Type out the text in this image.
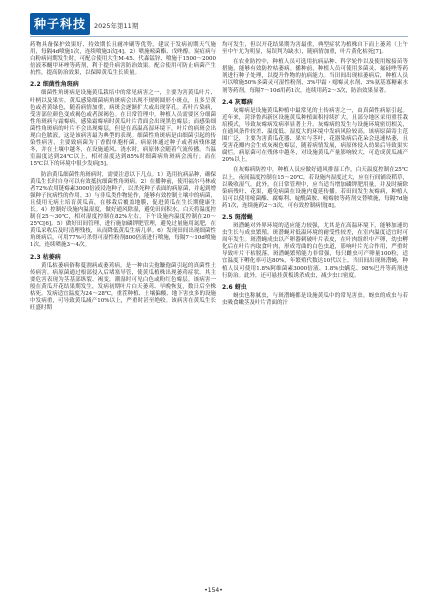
种子科技	2025年第11期

药物具备保护效果好、持效期长且耐冲刷等优势，建议于发病初期天气施用，每隔4d喷施1次，连续喷施3次[4]。2）喷施嘧菌酯、戊唑醇。炭疽病与白粉病同期发生时，可配合使用大生M-45、代森锰锌、喷施于1500～2000倍液苯醚甲环唑等药剂，利于提升病害防治效果。配合使用可防止病菌产生抗性，提高防治效果，以保障黄瓜生长质量。

2.2 细菌性角斑病

细菌性角斑病是设施黄瓜栽培中的常见病害之一，主要为害黄瓜叶片、叶柄以及果实。黄瓜感染细菌病角斑病会出现不规则圆形小斑点，且多呈黄色或者黄绿色，随着病情加重，病斑会逐渐扩大或出现穿孔。若叶片染病，受害部位颜色变成褐色或者深褐色。在日常管理中，种植人员需要区分细菌性角斑病与霜霉病，感染霜霉病时黄瓜叶片背面会出现黑色霉层；而感染细菌性角斑病的叶片不会出现霉层，但是在高温高湿环境下，叶片的病斑会出现白色脓液，这是该病害最为典型的表现。细菌性角斑病是由细菌引起的传染性病害，主要致病菌为丁香假单胞杆菌。病原体通过种子或者病残体越冬，并在土壤中越冬，在设施通风、浇水时，病原体会随着气流传播。当温室温度达到24℃以上，相对湿度达到85%时细菌病角斑病会流行；而在15℃以下的环境中很少发病[5]。

防治黄瓜细菌性角斑病时，需要注意以下几点。1）选用抗病品种，确保黄瓜生长时自身可以有效抵抗细菌性角斑病。2）在播种前，使用福尔马林或者72%农用链霉素3000倍液浸泡种子，以杀死种子表面的病原菌，并起到增强种子抗病性的作用。3）与非瓜类作物轮作，能够有效控制土壤中的病菌，且使用无病土培育黄瓜苗，在移栽后覆盖地膜，促进黄瓜在生长期健康生长。4）控制好设施内温湿度，做好通风除湿，避免田间积水，白天将温度控制在25～30℃，相对湿度控制在82%左右，下午设施内温度控制在20～25℃[6]。5）做好田间管理，进行施加磷钾肥管理，避免过量施用氮肥，在黄瓜采收后及时清理残枝，从而降低黄瓜生病几率。6）发现田间出现细菌性角斑病后，可用77%可杀得可湿性粉剂800倍液进行喷施，每隔7～10d喷施1次，连续喷施3～4次。

2.3 枯萎病

黄瓜枯萎病俗称蔓割病或萎蔫病，是一种由尖孢镰孢菌引起的真菌性土传病害。病原菌通过根部侵入后堵塞导管，使黄瓜植株出现萎蔫症状。其主要危害表现为茎基部纵裂、褐变，潮湿时可见白色或粉红色霉层。该病害一般在黄瓜开花结果期发生，发病初期叶片白天萎蔫、早晚恢复，数日后全株枯死。发病适宜温度为24～28℃，重茬种植、土壤偏酸、地下害虫多的设施中发病重，可导致黄瓜减产10%以上，严重时甚至绝收。该病害在黄瓜生长旺盛时期

均可发生，但以开花结果期为害最重，典型症状为植株自下而上萎蔫（上午至中午尤为明显，易误判为缺水），随病情加重，叶片黄化枯死[7]。

在农业防控中，种植人员可选用抗病品种、科学轮作以及使用嫁接苗等措施，能够有效防控枯萎病。播种前，种植人员可使用多菌灵、氟硅唑等药剂进行种子处理，以提升作物的抗病能力。当田间出现枯萎病后，种植人员可以喷施50%多菌灵可湿性粉剂、3%甲霜・噁霉灵水剂、3%氨基寡糖素水剂等药剂，每隔7～10d用药1次，连续用药2～3次，防治效果显著。

2.4 灰霉病

灰霉病是设施黄瓜种植中最常见的土传病害之一，由真菌性病原引起。近年来，菏泽鲁西新区设施黄瓜种植面积持续扩大，且部分地区采用重茬栽培模式，导致灰霉病发病率显著上升。灰霉病的发生与设施环境密切相关，在通风条件较差、温度低、湿度大的环境中发病风险较高。该病原菌寄主范围广泛，主要为害黄瓜花器、果实与茎叶，花器染病后花朵会迅速枯萎，且受害花瓣内会生成灰褐色霉层，随着病情发展，病原体侵入幼果后导致果实腐烂。病原菌可在残体中越冬，对设施黄瓜产量影响较大，可造成黄瓜减产20%以上。

在灰霉病防控中，种植人员应做好通风排湿工作，白天温度控制在25℃以上，夜间温度控制在15～20℃，若设施内湿度过大，应在行间铺设稻草，以吸收湿气。此外，在日常管理中，应当适当增加磷钾肥用量，并及时摘除染病残叶、花果，避免病菌在设施内蔓延传播。若田间发生灰霉病，种植人员可以使用嘧菌酯、腐霉利、啶酰菌胺、嘧霉胺等药剂交替喷施，每隔7d施药1次，连续施药2～3次，可有效控制病情[8]。

2.5 斑潜蝇

斑潜蝇对外界环境的适应能力较强，尤其是在高温环境下，能够加速幼虫生长与成虫繁殖。斑潜蝇对低温环境的耐受性较差，在室内温度适宜时可周年发生。斑潜蝇成虫以产卵器刺破叶片表皮，在叶肉组织中产卵，幼虫孵化后在叶片内取食叶肉，形成弯曲的白色虫道，影响叶片光合作用，严重时导致叶片干枯脱落。斑潜蝇繁殖能力非常强，每只雌虫可产卵量100粒，适宜温度下孵化率可达80%，年繁殖代数达10代以上。当田间出现斑潜蝇，种植人员可使用1.8%阿维菌素3000倍液、1.8%虫螨克、98%巴丹等药剂进行防治。此外，还可悬挂黄板诱杀成虫，减少虫口密度。

2.6 蚜虫

蚜虫也称腻虫，与斑潜蝇都是设施黄瓜中的常见害虫。蚜虫的成虫与若虫吸食嫩茎及叶片背面的汁

•154•
